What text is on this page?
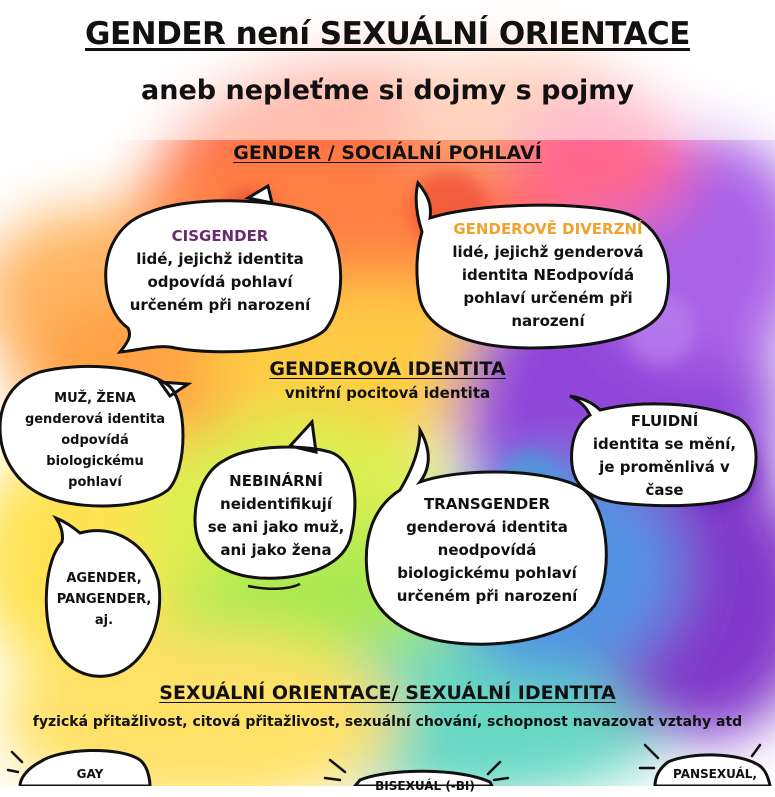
GENDER není SEXUÁLNÍ ORIENTACE
aneb nepleťme si dojmy s pojmy
GENDER / SOCIÁLNÍ POHLAVÍ
GENDEROVÁ IDENTITA
vnitřní pocitová identita
SEXUÁLNÍ ORIENTACE/ SEXUÁLNÍ IDENTITA
fyzická přitažlivost, citová přitažlivost, sexuální chování, schopnost navazovat vztahy atd
CISGENDER
lidé, jejichž identita
odpovídá pohlaví
určeném při narození
GENDEROVĚ DIVERZNÍ
lidé, jejichž genderová
identita NEodpovídá
pohlaví určeném při
narození
MUŽ, ŽENA
genderová identita
odpovídá
biologickému
pohlaví	NEBINÁRNÍ
neidentifikují
se ani jako muž,
ani jako žena
TRANSGENDER
genderová identita
neodpovídá
biologickému pohlaví
určeném při narození
FLUIDNÍ
identita se mění,
je proměnlivá v
čase
AGENDER,
PANGENDER,
aj.
GAY
BISEXUÁL (-BI)
PANSEXUÁL,
